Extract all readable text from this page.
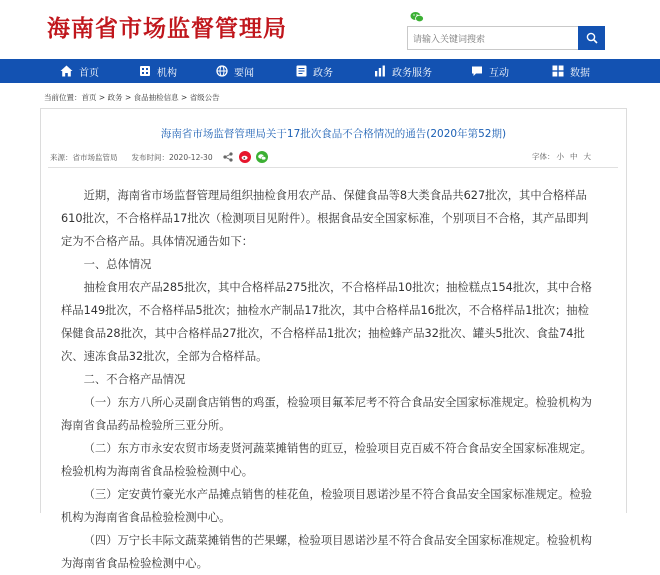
海南省市场监督管理局
请输入关键词搜索
首页	机构	要闻	政务	政务服务	互动	数据
当前位置：首页 > 政务 > 食品抽检信息 > 省级公告
海南省市场监督管理局关于17批次食品不合格情况的通告(2020年第52期)
来源：省市场监管局 发布时间：2020-12-30	字体： 小 中 大

近期，海南省市场监督管理局组织抽检食用农产品、保健食品等8大类食品共627批次，其中合格样品610批次，不合格样品17批次（检测项目见附件）。根据食品安全国家标准，个别项目不合格，其产品即判定为不合格产品。具体情况通告如下：

一、总体情况

抽检食用农产品285批次，其中合格样品275批次，不合格样品10批次；抽检糕点154批次，其中合格样品149批次，不合格样品5批次；抽检水产制品17批次，其中合格样品16批次，不合格样品1批次；抽检保健食品28批次，其中合格样品27批次，不合格样品1批次；抽检蜂产品32批次、罐头5批次、食盐74批次、速冻食品32批次，全部为合格样品。

二、不合格产品情况

（一）东方八所心灵副食店销售的鸡蛋，检验项目氟苯尼考不符合食品安全国家标准规定。检验机构为海南省食品药品检验所三亚分所。

（二）东方市永安农贸市场麦贤河蔬菜摊销售的豇豆，检验项目克百威不符合食品安全国家标准规定。检验机构为海南省食品检验检测中心。

（三）定安黄竹豪光水产品摊点销售的桂花鱼，检验项目恩诺沙星不符合食品安全国家标准规定。检验机构为海南省食品检验检测中心。

（四）万宁长丰际文蔬菜摊销售的芒果螺，检验项目恩诺沙星不符合食品安全国家标准规定。检验机构为海南省食品检验检测中心。
